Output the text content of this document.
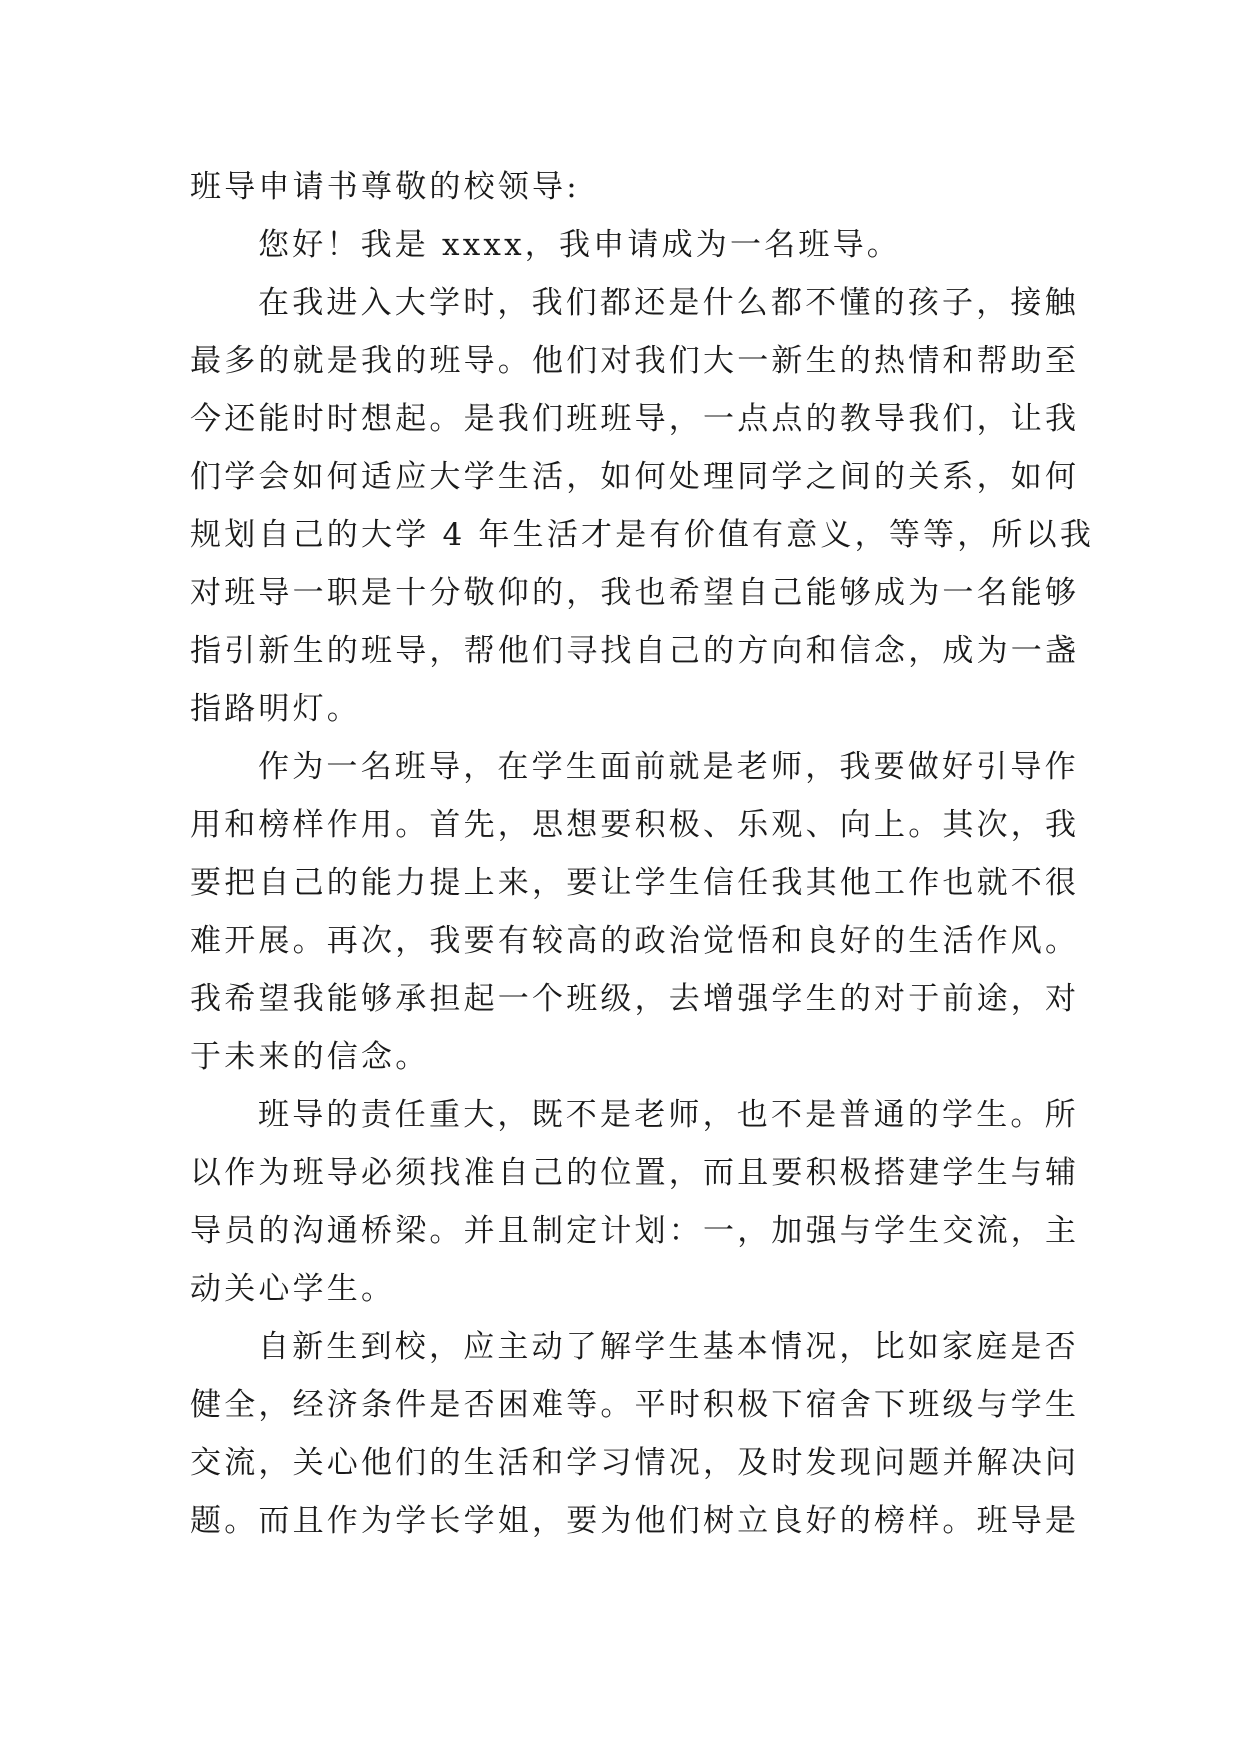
班导申请书尊敬的校领导:
您好！我是 xxxx，我申请成为一名班导。
在我进入大学时，我们都还是什么都不懂的孩子，接触
最多的就是我的班导。他们对我们大一新生的热情和帮助至
今还能时时想起。是我们班班导，一点点的教导我们，让我
们学会如何适应大学生活，如何处理同学之间的关系，如何
规划自己的大学 4 年生活才是有价值有意义，等等，所以我
对班导一职是十分敬仰的，我也希望自己能够成为一名能够
指引新生的班导，帮他们寻找自己的方向和信念，成为一盏
指路明灯。
作为一名班导，在学生面前就是老师，我要做好引导作
用和榜样作用。首先，思想要积极、乐观、向上。其次，我
要把自己的能力提上来，要让学生信任我其他工作也就不很
难开展。再次，我要有较高的政治觉悟和良好的生活作风。
我希望我能够承担起一个班级，去增强学生的对于前途，对
于未来的信念。
班导的责任重大，既不是老师，也不是普通的学生。所
以作为班导必须找准自己的位置，而且要积极搭建学生与辅
导员的沟通桥梁。并且制定计划：一，加强与学生交流，主
动关心学生。
自新生到校，应主动了解学生基本情况，比如家庭是否
健全，经济条件是否困难等。平时积极下宿舍下班级与学生
交流，关心他们的生活和学习情况，及时发现问题并解决问
题。而且作为学长学姐，要为他们树立良好的榜样。班导是
